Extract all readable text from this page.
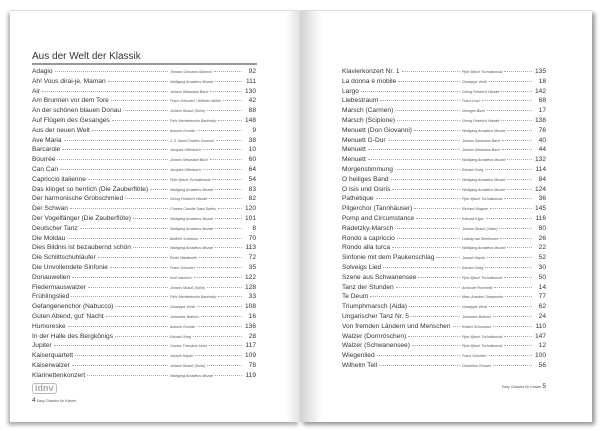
Aus der Welt der Klassik
Adagio	Tomaso Giovanni Albinoni	92
Ah! Vous dirai-je, Maman	Wolfgang Amadeus Mozart	111
Air	Johann Sebastian Bach	130
Am Brunnen vor dem Tore	Franz Schubert / Wilhelm Müller	42
An der schönen blauen Donau	Johann Strauß (Sohn)	88
Auf Flügeln des Gesanges	Felix Mendelssohn Bartholdy	148
Aus der neuen Welt	Antonín Dvořák	9
Ave Maria	J. S. Bach/Charles Gounod	38
Barcarole	Jacques Offenbach	10
Bourrée	Johann Sebastian Bach	60
Can Can	Jacques Offenbach	64
Capriccio italienne	Pjotr Iljitsch Tschaikowski	54
Das klinget so herrlich (Die Zauberflöte)	Wolfgang Amadeus Mozart	83
Der harmonische Grobschmied	Georg Friedrich Händel	82
Der Schwan	Charles Camille Saint-Saëns	120
Der Vogelfänger (Die Zauberflöte)	Wolfgang Amadeus Mozart	101
Deutscher Tanz	Wolfgang Amadeus Mozart	8
Die Moldau	Bedřich Smetana	70
Dies Bildnis ist bezaubernd schön	Wolfgang Amadeus Mozart	113
Die Schlittschuhläufer	Émile Waldteufel	72
Die Unvollendete Sinfonie	Franz Schubert	35
Donauwellen	Iosif Ivanovici	122
Fledermauswalzer	Johann Strauß (Sohn)	128
Frühlingslied	Felix Mendelssohn Bartholdy	33
Gefangenenchor (Nabucco)	Giuseppe Verdi	108
Guten Abend, gut' Nacht	Johannes Brahms	16
Humoreske	Antonín Dvořák	136
In der Halle des Bergkönigs	Edvard Grieg	28
Jupiter	Gustav Theodore Holst	117
Kaiserquartett	Joseph Haydn	109
Kaiserwalzer	Johann Strauß (Sohn)	78
Klarinettenkonzert	Wolfgang Amadeus Mozart	119
idnv
4 Easy Classics für Klavier
Klavierkonzert Nr. 1	Pjotr Iljitsch Tschaikowski	135
La donna è mobile	Giuseppe Verdi	18
Largo	Georg Friedrich Händel	142
Liebestraum	Franz Liszt	68
Marsch (Carmen)	Georges Bizet	17
Marsch (Scipione)	Georg Friedrich Händel	138
Menuett (Don Giovanni)	Wolfgang Amadeus Mozart	76
Menuett G-Dur	Johann Sebastian Bach	40
Menuett	Johann Sebastian Bach	44
Menuett	Wolfgang Amadeus Mozart	132
Morgenstimmung	Edvard Grieg	114
O heiliges Band	Wolfgang Amadeus Mozart	84
O Isis und Osiris	Wolfgang Amadeus Mozart	124
Pathétique	Pjotr Iljitsch Tschaikowski	36
Pilgerchor (Tannhäuser)	Richard Wagner	145
Pomp and Circumstance	Edward Elgar	116
Radetzky-Marsch	Johann Strauß (Vater)	80
Rondo a capriccio	Ludwig van Beethoven	26
Rondo alla turca	Wolfgang Amadeus Mozart	22
Sinfonie mit dem Paukenschlag	Joseph Haydn	52
Solveigs Lied	Edvard Grieg	30
Szene aus Schwanensee	Pjotr Iljitsch Tschaikowski	50
Tanz der Stunden	Amilcare Ponchielli	14
Te Deum	Marc-Antoine Charpentier	77
Triumphmarsch (Aida)	Giuseppe Verdi	62
Ungarischer Tanz Nr. 5	Johannes Brahms	24
Von fremden Ländern und Menschen	Robert Schumann	110
Walzer (Dornröschen)	Pjotr Iljitsch Tschaikowski	147
Walzer (Schwanensee)	Pjotr Iljitsch Tschaikowski	12
Wiegenlied	Franz Schubert	100
Wilhelm Tell	Gioachino Rossini	56
Easy Classics für Klavier 5
